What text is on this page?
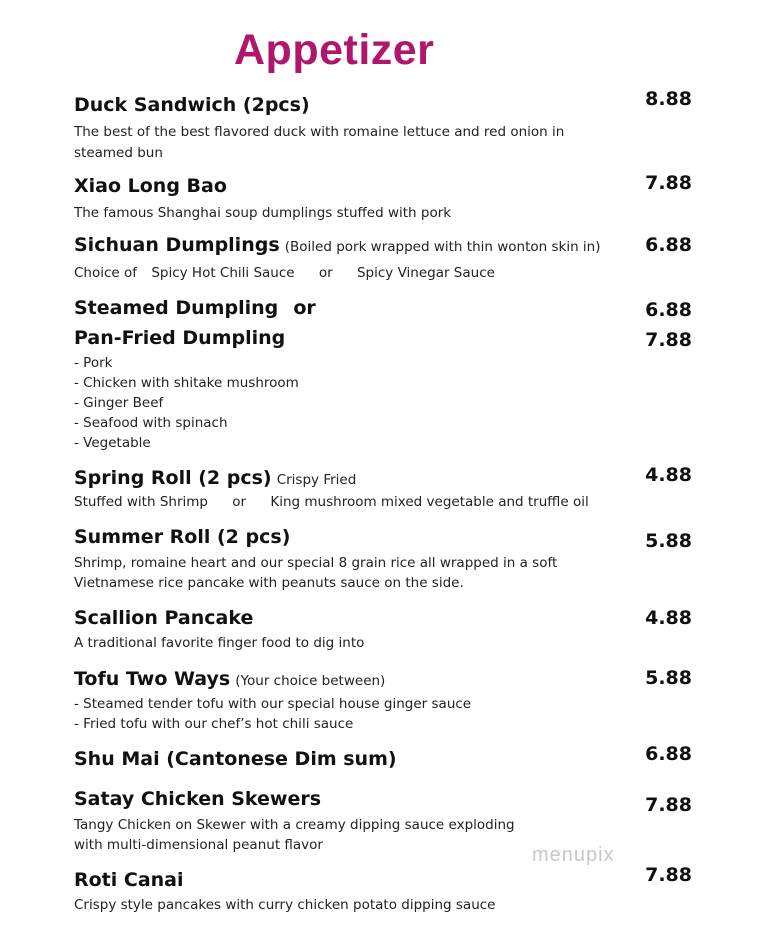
Appetizer
Duck Sandwich (2pcs)	8.88
The best of the best flavored duck with romaine lettuce and red onion in
steamed bun
Xiao Long Bao	7.88
The famous Shanghai soup dumplings stuffed with pork
Sichuan Dumplings (Boiled pork wrapped with thin wonton skin in) 6.88
Choice of Spicy Hot Chili Sauce or Spicy Vinegar Sauce
Steamed Dumpling or	6.88
Pan-Fried Dumpling	7.88
- Pork
- Chicken with shitake mushroom
- Ginger Beef
- Seafood with spinach
- Vegetable
Spring Roll (2 pcs) Crispy Fried	4.88
Stuffed with Shrimp or King mushroom mixed vegetable and truffle oil
Summer Roll (2 pcs)	5.88
Shrimp, romaine heart and our special 8 grain rice all wrapped in a soft
Vietnamese rice pancake with peanuts sauce on the side.
Scallion Pancake	4.88
A traditional favorite finger food to dig into
Tofu Two Ways (Your choice between)	5.88
- Steamed tender tofu with our special house ginger sauce
- Fried tofu with our chef’s hot chili sauce
Shu Mai (Cantonese Dim sum)	6.88
Satay Chicken Skewers	7.88
Tangy Chicken on Skewer with a creamy dipping sauce exploding
with multi-dimensional peanut flavor
Roti Canai	7.88
Crispy style pancakes with curry chicken potato dipping sauce
menupix
